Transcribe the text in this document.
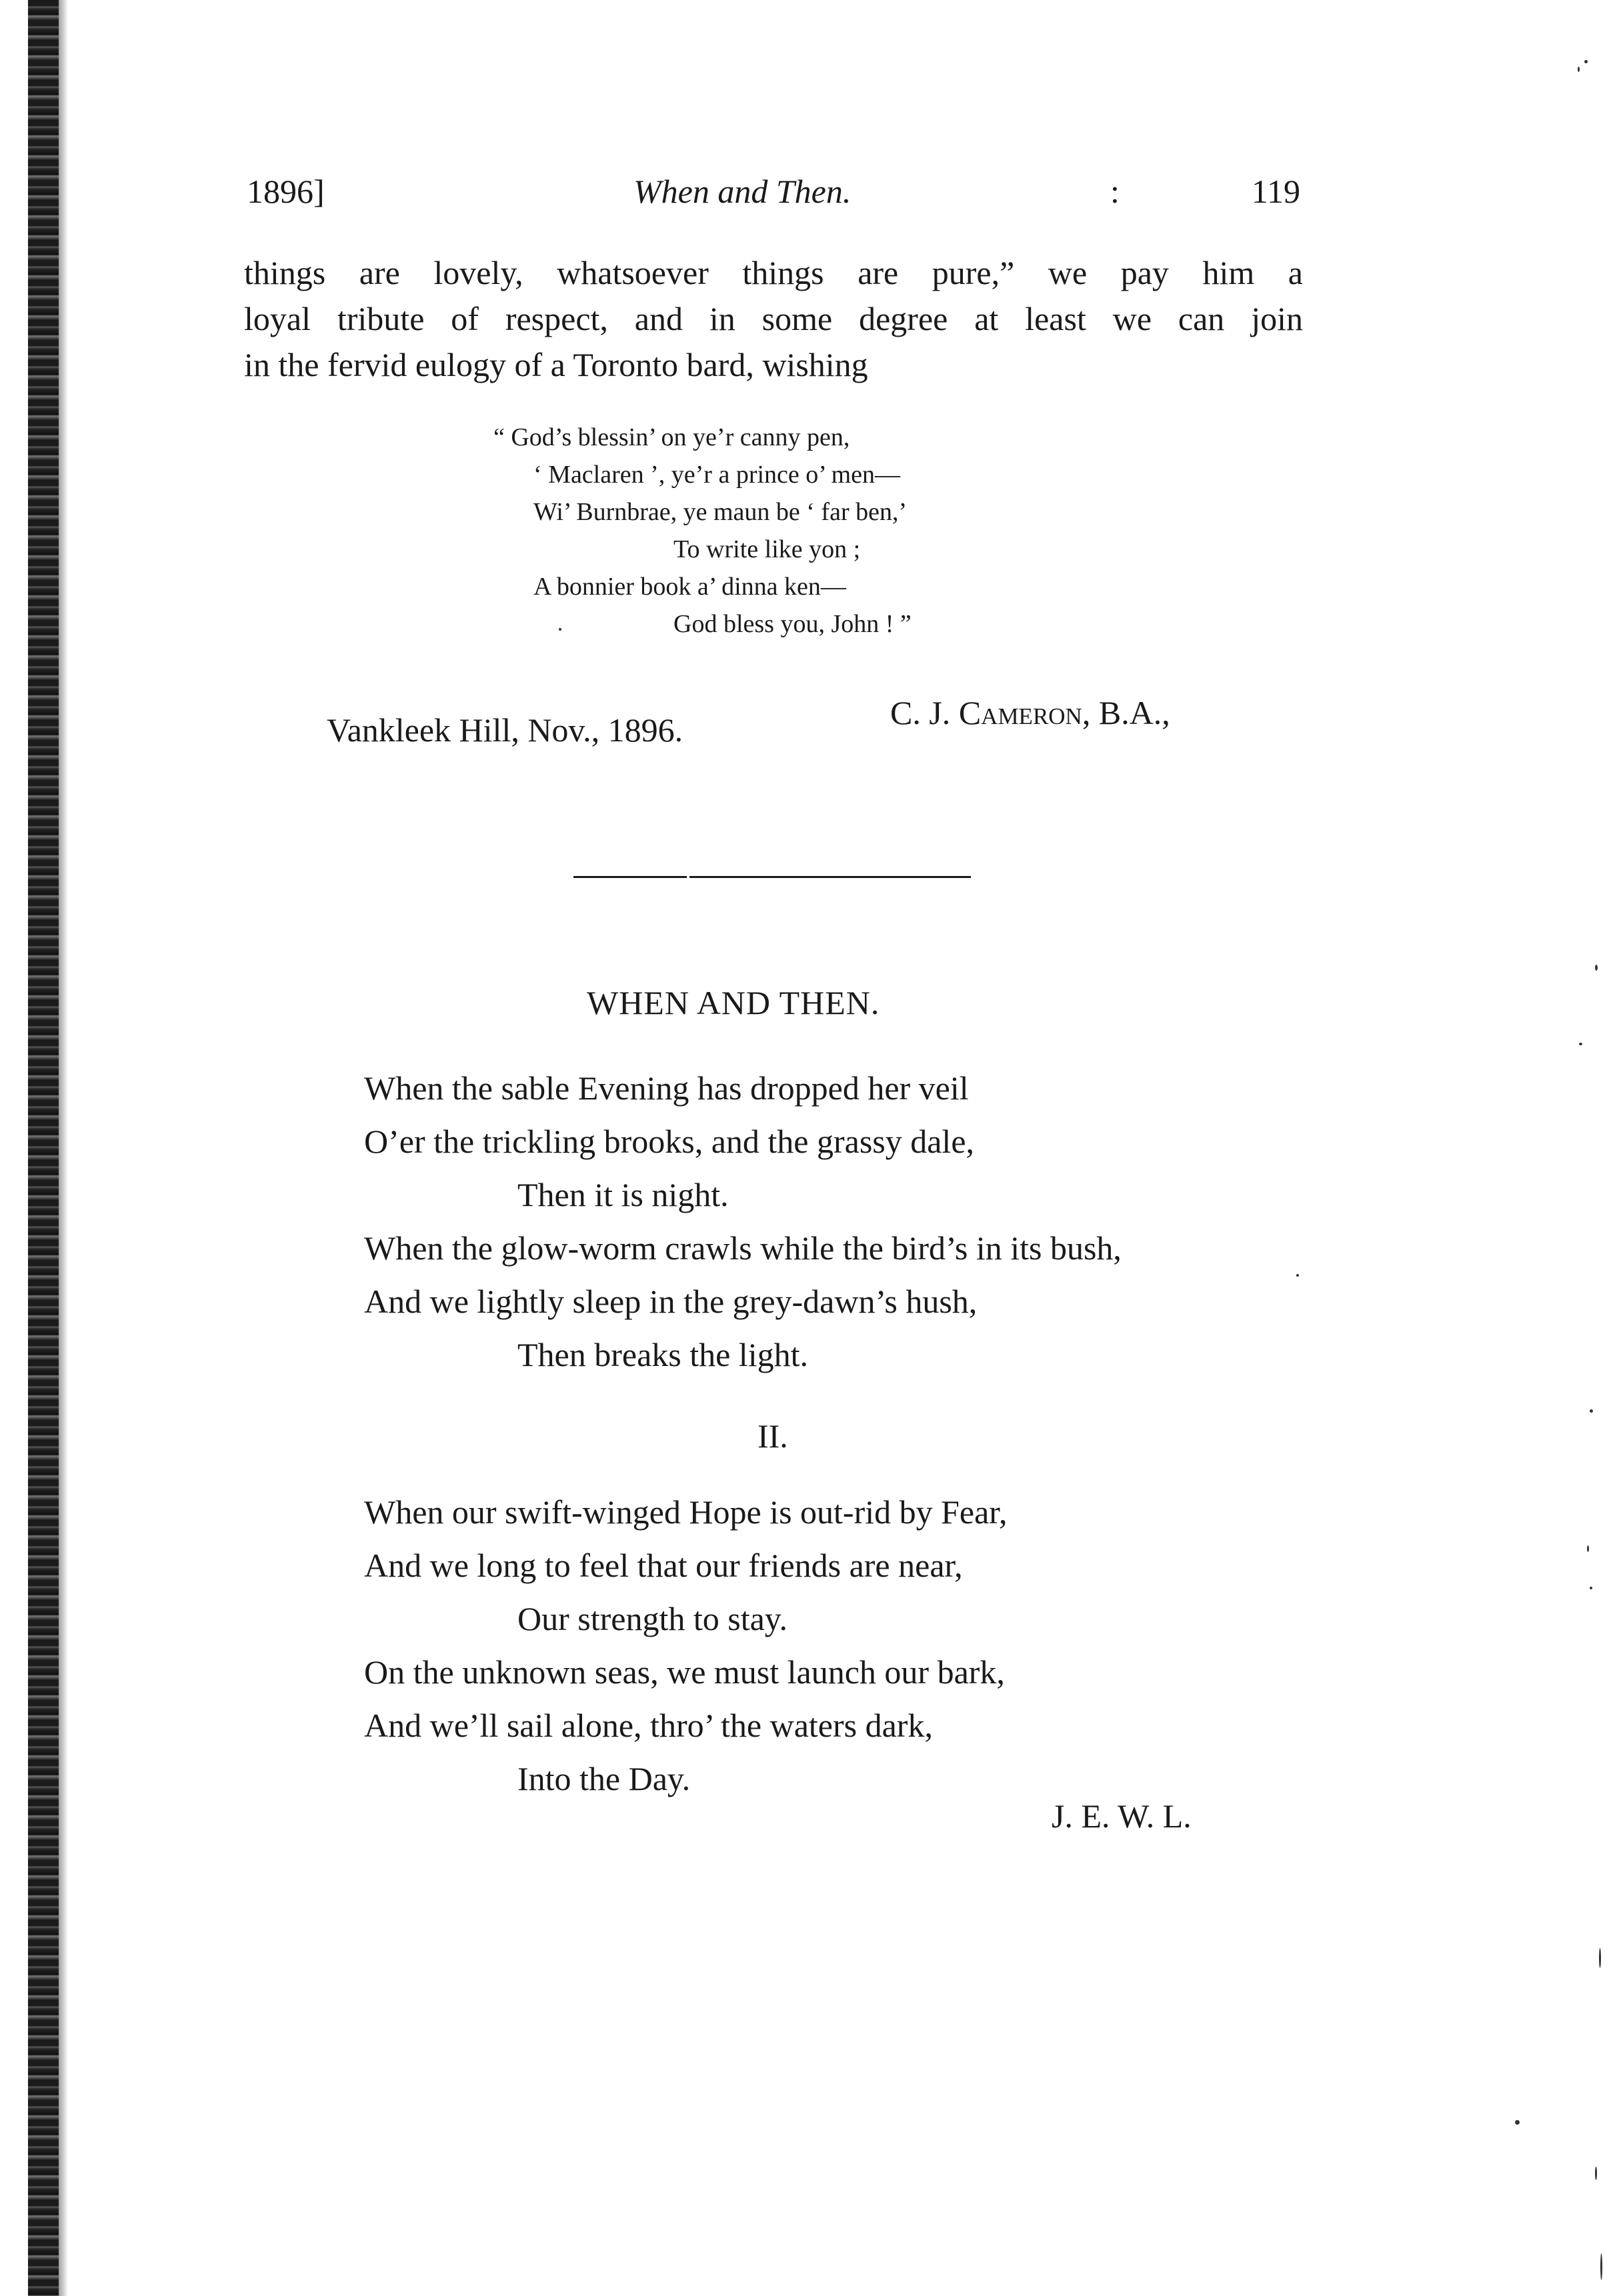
1896]	When and Then.	:	119
things are lovely, whatsoever things are pure,” we pay him a
loyal tribute of respect, and in some degree at least we can join
in the fervid eulogy of a Toronto bard, wishing
“ God’s blessin’ on ye’r canny pen,
‘ Maclaren ’, ye’r a prince o’ men—
Wi’ Burnbrae, ye maun be ‘ far ben,’
To write like yon ;
A bonnier book a’ dinna ken—
God bless you, John ! ”
C. J. Cameron, B.A.,
Vankleek Hill, Nov., 1896.
WHEN AND THEN.
When the sable Evening has dropped her veil
O’er the trickling brooks, and the grassy dale,
Then it is night.
When the glow-worm crawls while the bird’s in its bush,
And we lightly sleep in the grey-dawn’s hush,
Then breaks the light.
II.
When our swift-winged Hope is out-rid by Fear,
And we long to feel that our friends are near,
Our strength to stay.
On the unknown seas, we must launch our bark,
And we’ll sail alone, thro’ the waters dark,
Into the Day.
J. E. W. L.
